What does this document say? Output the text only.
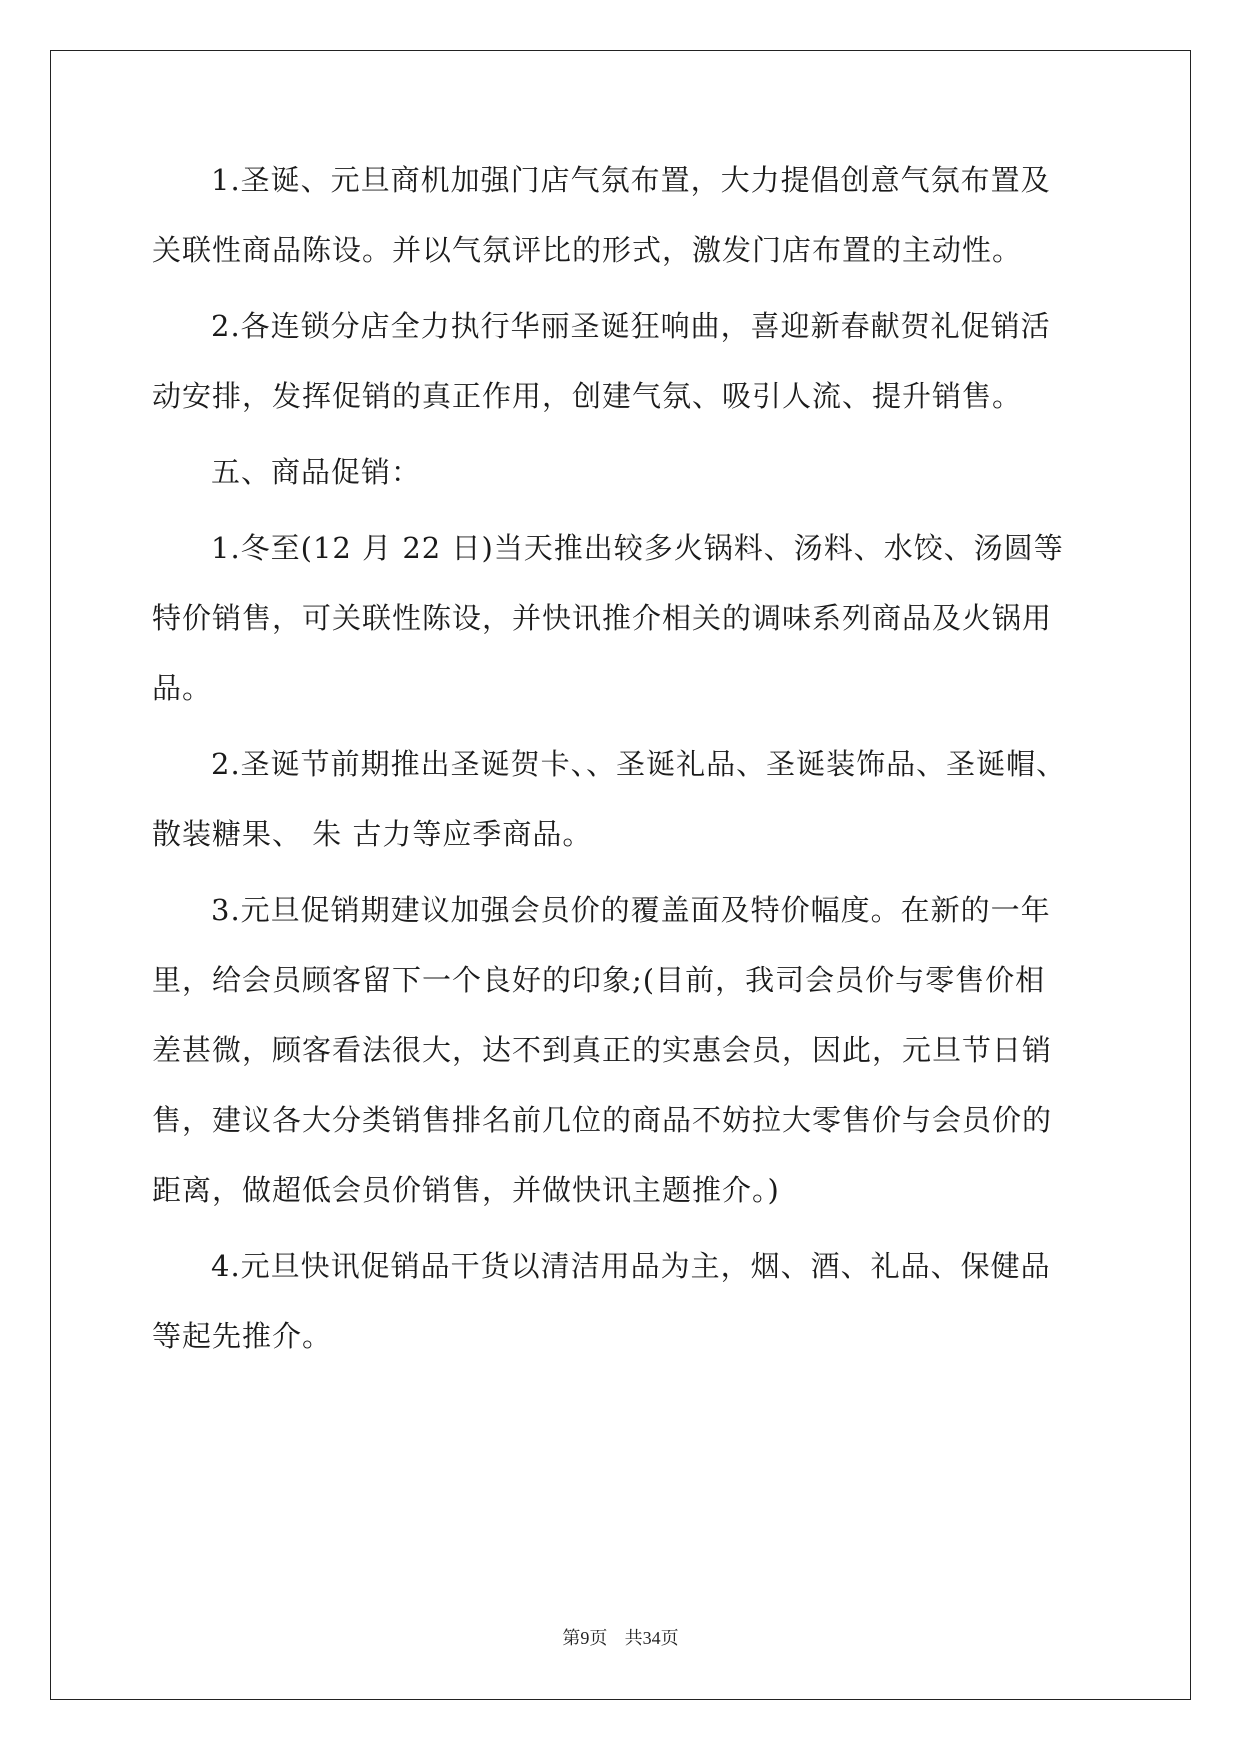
1.圣诞、元旦商机加强门店气氛布置，大力提倡创意气氛布置及
关联性商品陈设。并以气氛评比的形式，激发门店布置的主动性。
2.各连锁分店全力执行华丽圣诞狂响曲，喜迎新春献贺礼促销活
动安排，发挥促销的真正作用，创建气氛、吸引人流、提升销售。
五、商品促销：
1.冬至(12 月 22 日)当天推出较多火锅料、汤料、水饺、汤圆等
特价销售，可关联性陈设，并快讯推介相关的调味系列商品及火锅用
品。
2.圣诞节前期推出圣诞贺卡、、圣诞礼品、圣诞装饰品、圣诞帽、
散装糖果、 朱 古力等应季商品。
3.元旦促销期建议加强会员价的覆盖面及特价幅度。在新的一年
里，给会员顾客留下一个良好的印象;(目前，我司会员价与零售价相
差甚微，顾客看法很大，达不到真正的实惠会员，因此，元旦节日销
售，建议各大分类销售排名前几位的商品不妨拉大零售价与会员价的
距离，做超低会员价销售，并做快讯主题推介。)
4.元旦快讯促销品干货以清洁用品为主，烟、酒、礼品、保健品
等起先推介。
第9页 共34页
